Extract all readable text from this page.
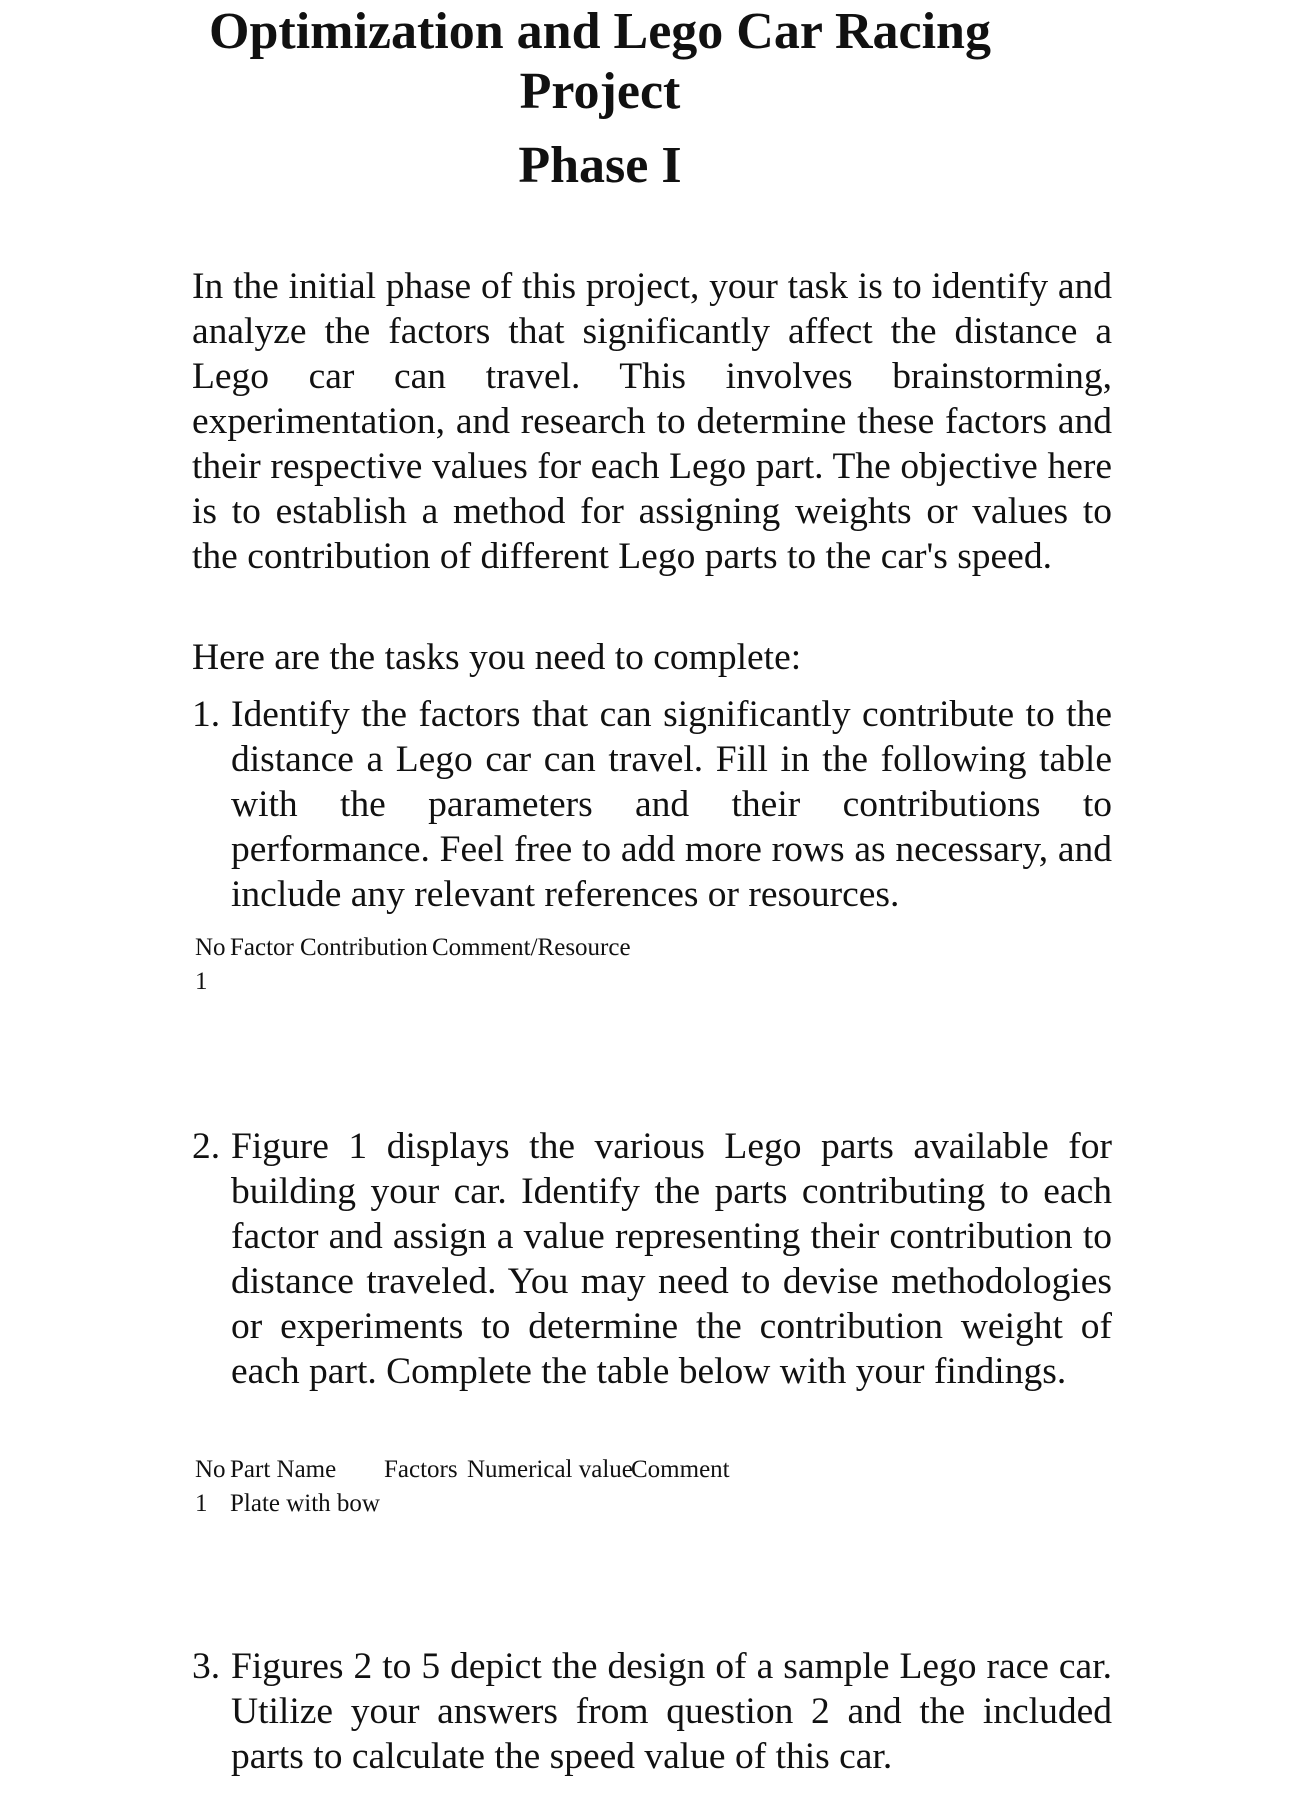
Optimization and Lego Car Racing
Project
Phase I

In the initial phase of this project, your task is to identify and analyze the factors that significantly affect the distance a Lego car can travel. This involves brainstorming, experimentation, and research to determine these factors and their respective values for each Lego part. The objective here is to establish a method for assigning weights or values to the contribution of different Lego parts to the car's speed.

Here are the tasks you need to complete:

1. Identify the factors that can significantly contribute to the distance a Lego car can travel. Fill in the following table with the parameters and their contributions to performance. Feel free to add more rows as necessary, and include any relevant references or resources.
No Factor Contribution Comment/Resource
1
2. Figure 1 displays the various Lego parts available for building your car. Identify the parts contributing to each factor and assign a value representing their contribution to distance traveled. You may need to devise methodologies or experiments to determine the contribution weight of each part. Complete the table below with your findings.
No Part Name Factors Numerical value
Comment
1 Plate with bow
3. Figures 2 to 5 depict the design of a sample Lego race car. Utilize your answers from question 2 and the included parts to calculate the speed value of this car.
